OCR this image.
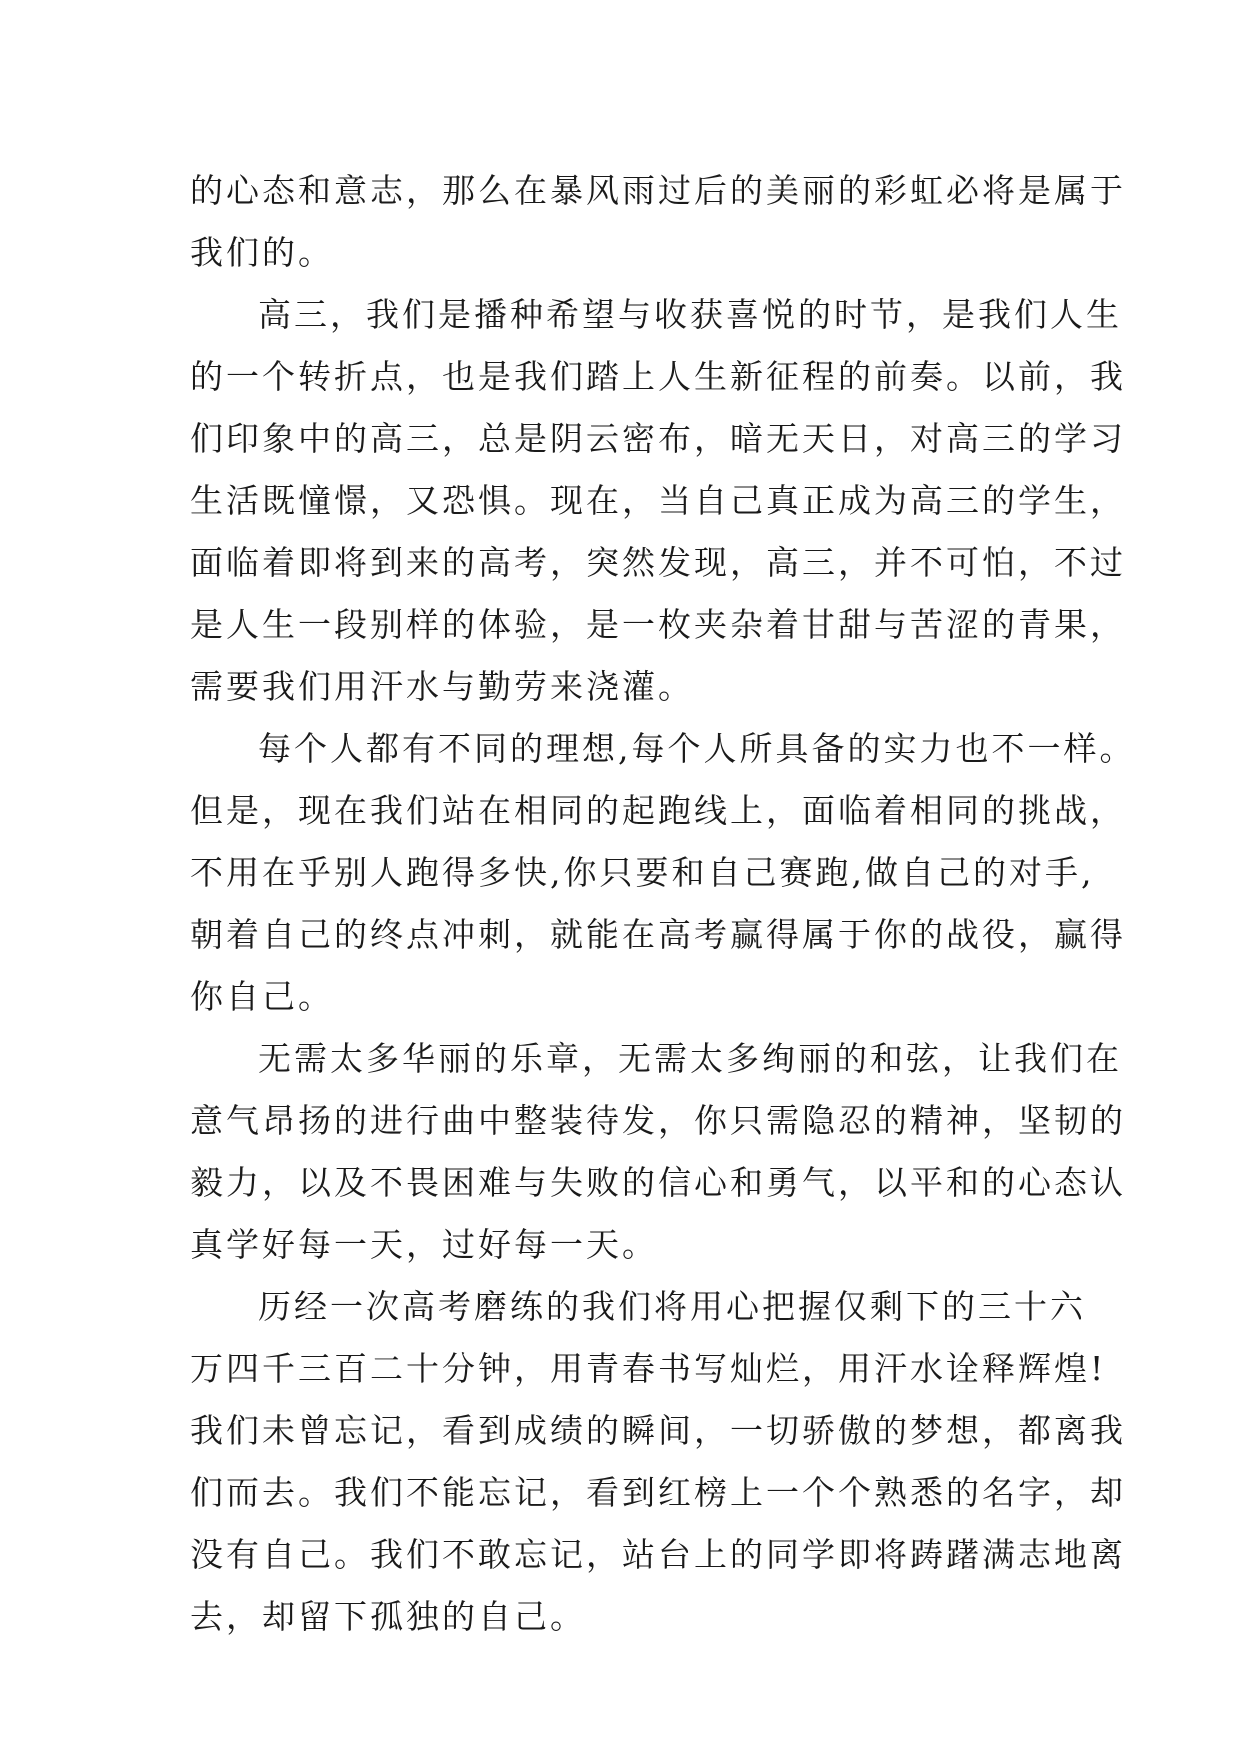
的心态和意志，那么在暴风雨过后的美丽的彩虹必将是属于
我们的。

高三，我们是播种希望与收获喜悦的时节，是我们人生
的一个转折点，也是我们踏上人生新征程的前奏。以前，我
们印象中的高三，总是阴云密布，暗无天日，对高三的学习
生活既憧憬，又恐惧。现在，当自己真正成为高三的学生，
面临着即将到来的高考，突然发现，高三，并不可怕，不过
是人生一段别样的体验，是一枚夹杂着甘甜与苦涩的青果，
需要我们用汗水与勤劳来浇灌。

每个人都有不同的理想,每个人所具备的实力也不一样。
但是，现在我们站在相同的起跑线上，面临着相同的挑战，
不用在乎别人跑得多快,你只要和自己赛跑,做自己的对手,
朝着自己的终点冲刺，就能在高考赢得属于你的战役，赢得
你自己。

无需太多华丽的乐章，无需太多绚丽的和弦，让我们在
意气昂扬的进行曲中整装待发，你只需隐忍的精神，坚韧的
毅力，以及不畏困难与失败的信心和勇气，以平和的心态认
真学好每一天，过好每一天。

历经一次高考磨练的我们将用心把握仅剩下的三十六
万四千三百二十分钟，用青春书写灿烂，用汗水诠释辉煌!
我们未曾忘记，看到成绩的瞬间，一切骄傲的梦想，都离我
们而去。我们不能忘记，看到红榜上一个个熟悉的名字，却
没有自己。我们不敢忘记，站台上的同学即将踌躇满志地离
去，却留下孤独的自己。
